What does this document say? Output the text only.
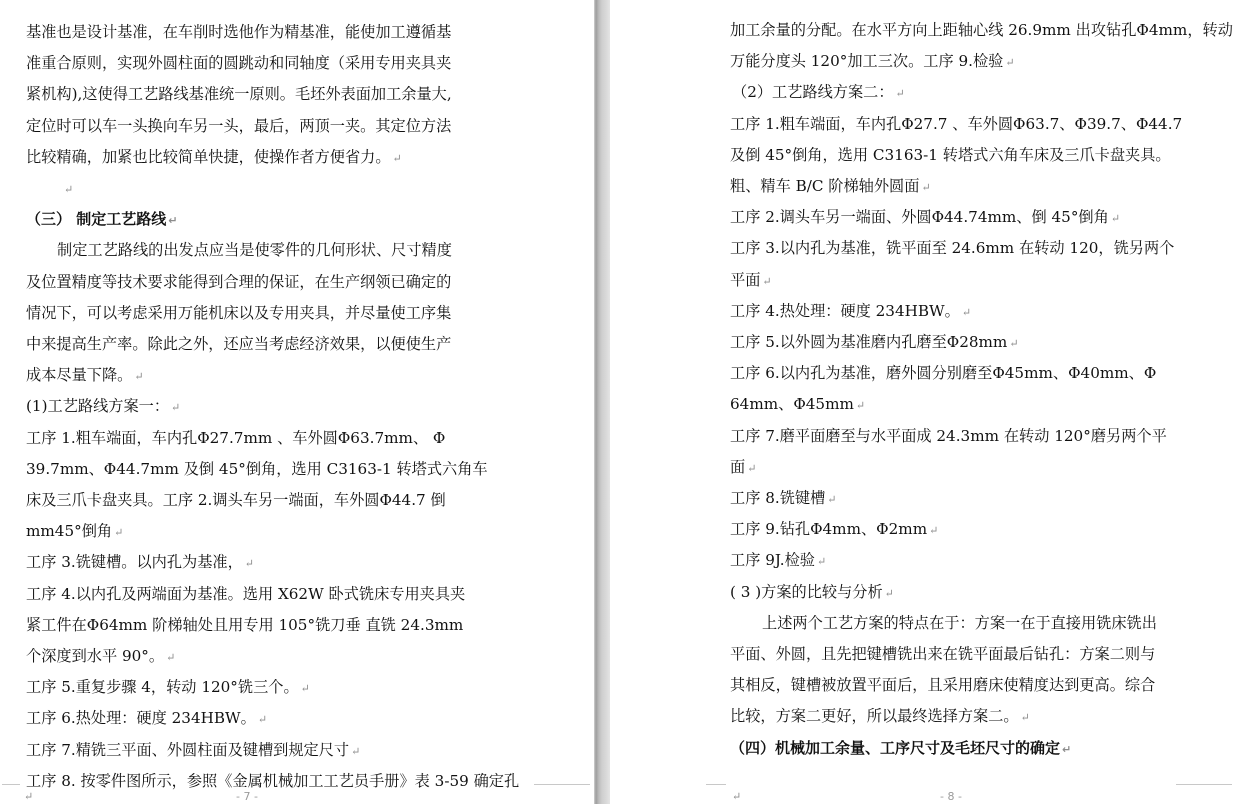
基准也是设计基准，在车削时选他作为精基准，能使加工遵循基
准重合原则，实现外圆柱面的圆跳动和同轴度（采用专用夹具夹
紧机构),这使得工艺路线基准统一原则。毛坯外表面加工余量大,
定位时可以车一头换向车另一头，最后，两顶一夹。其定位方法
比较精确，加紧也比较简单快捷，使操作者方便省力。 ↵
↵
（三） 制定工艺路线 ↵
制定工艺路线的出发点应当是使零件的几何形状、尺寸精度
及位置精度等技术要求能得到合理的保证，在生产纲领已确定的
情况下，可以考虑采用万能机床以及专用夹具，并尽量使工序集
中来提高生产率。除此之外，还应当考虑经济效果，以便使生产
成本尽量下降。 ↵
(1)工艺路线方案一： ↵
工序 1.粗车端面，车内孔Φ27.7mm 、车外圆Φ63.7mm、 Φ
39.7mm、Φ44.7mm 及倒 45°倒角，选用 C3163-1 转塔式六角车
床及三爪卡盘夹具。工序 2.调头车另一端面，车外圆Φ44.7 倒
mm45°倒角 ↵
工序 3.铣键槽。以内孔为基准， ↵
工序 4.以内孔及两端面为基准。选用 X62W 卧式铣床专用夹具夹
紧工件在Φ64mm 阶梯轴处且用专用 105°铣刀垂 直铣 24.3mm
个深度到水平 90°。 ↵
工序 5.重复步骤 4，转动 120°铣三个。 ↵
工序 6.热处理：硬度 234HBW。 ↵
工序 7.精铣三平面、外圆柱面及键槽到规定尺寸 ↵
工序 8. 按零件图所示，参照《金属机械加工工艺员手册》表 3-59 确定孔
- 7 -
↵
加工余量的分配。在水平方向上距轴心线 26.9mm 出攻钻孔Φ4mm，转动
万能分度头 120°加工三次。工序 9.检验 ↵
（2）工艺路线方案二： ↵
工序 1.粗车端面，车内孔Φ27.7 、车外圆Φ63.7、Φ39.7、Φ44.7
及倒 45°倒角，选用 C3163-1 转塔式六角车床及三爪卡盘夹具。
粗、精车 B/C 阶梯轴外圆面 ↵
工序 2.调头车另一端面、外圆Φ44.74mm、倒 45°倒角 ↵
工序 3.以内孔为基准，铣平面至 24.6mm 在转动 120，铣另两个
平面 ↵
工序 4.热处理：硬度 234HBW。 ↵
工序 5.以外圆为基准磨内孔磨至Φ28mm ↵
工序 6.以内孔为基准，磨外圆分别磨至Φ45mm、Φ40mm、Φ
64mm、Φ45mm ↵
工序 7.磨平面磨至与水平面成 24.3mm 在转动 120°磨另两个平
面 ↵
工序 8.铣键槽 ↵
工序 9.钻孔Φ4mm、Φ2mm ↵
工序 9J.检验 ↵
( 3 )方案的比较与分析 ↵
上述两个工艺方案的特点在于：方案一在于直接用铣床铣出
平面、外圆，且先把键槽铣出来在铣平面最后钻孔：方案二则与
其相反，键槽被放置平面后，且采用磨床使精度达到更高。综合
比较，方案二更好，所以最终选择方案二。 ↵
（四）机械加工余量、工序尺寸及毛坯尺寸的确定 ↵
- 8 -
↵
